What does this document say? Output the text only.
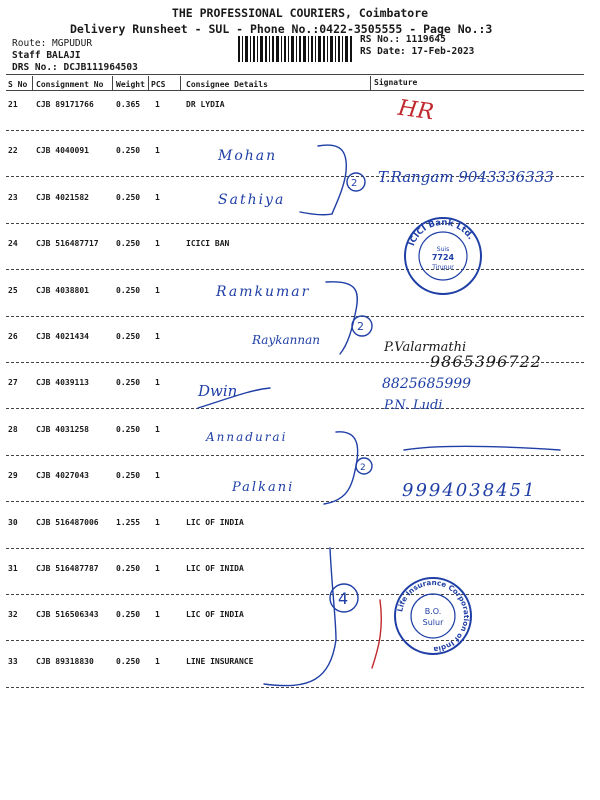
THE PROFESSIONAL COURIERS, Coimbatore
Delivery Runsheet - SUL - Phone No.:0422-3505555 - Page No.:3
Route: MGPUDUR
Staff BALAJI
DRS No.: DCJB111964503
RS No.: 1119645
RS Date: 17-Feb-2023
S No Consignment No Weight PCS	Consignee Details	Signature
21 CJB 89171766	0.365 1	DR LYDIA
22 CJB 4040091	0.250 1
23 CJB 4021582	0.250 1
24 CJB 516487717 0.250 1	ICICI BAN
25 CJB 4038801	0.250 1
26 CJB 4021434	0.250 1
27 CJB 4039113	0.250 1
28 CJB 4031258	0.250 1
29 CJB 4027043	0.250 1
30 CJB 516487006 1.255 1	LIC OF INDIA
31 CJB 516487787 0.250 1	LIC OF INIDA
32 CJB 516506343 0.250 1	LIC OF INDIA
33 CJB 89318830	0.250 1	LINE INSURANCE
HR
Mohan
T.Rangam 9043336333
Sathiya
Ramkumar
Raykannan	P.Valarmathi
9865396722
Dwin	8825685999
P.N. Ludi
Annadurai
Palkani	9994038451
2
2
2
4
ICICI Bank Ltd.
Suis
7724
Tirupur
Life Insurance Corporation of India
B.O.
Sulur
